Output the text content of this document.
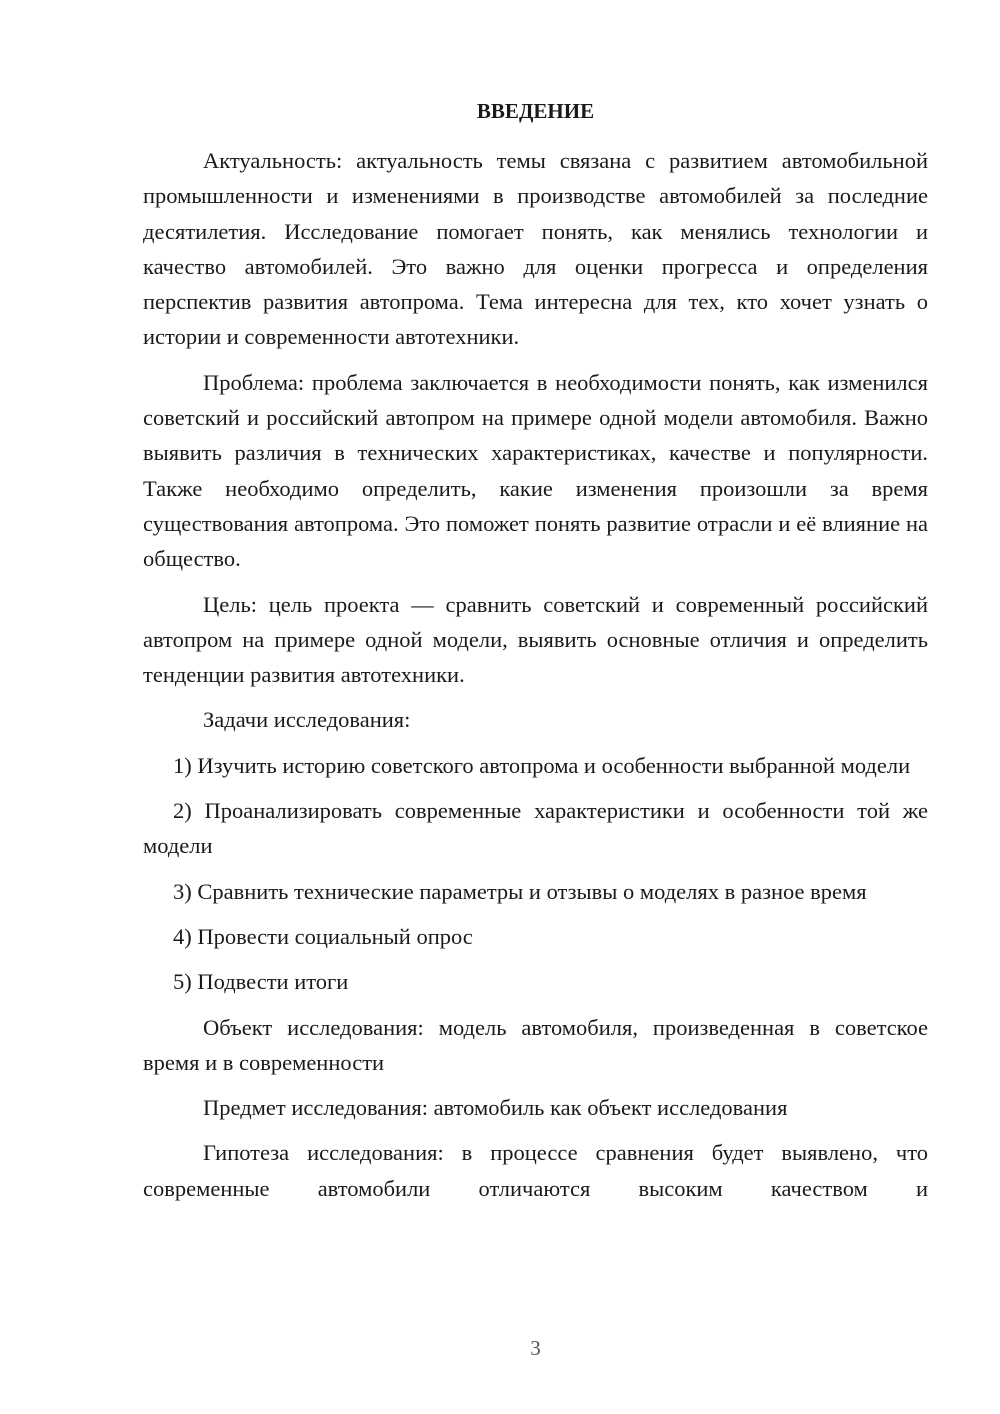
ВВЕДЕНИЕ

Актуальность: актуальность темы связана с развитием автомобильной промышленности и изменениями в производстве автомобилей за последние десятилетия. Исследование помогает понять, как менялись технологии и качество автомобилей. Это важно для оценки прогресса и определения перспектив развития автопрома. Тема интересна для тех, кто хочет узнать о истории и современности автотехники.

Проблема: проблема заключается в необходимости понять, как изменился советский и российский автопром на примере одной модели автомобиля. Важно выявить различия в технических характеристиках, качестве и популярности. Также необходимо определить, какие изменения произошли за время существования автопрома. Это поможет понять развитие отрасли и её влияние на общество.

Цель: цель проекта — сравнить советский и современный российский автопром на примере одной модели, выявить основные отличия и определить тенденции развития автотехники.

Задачи исследования:

1) Изучить историю советского автопрома и особенности выбранной модели

2) Проанализировать современные характеристики и особенности той же модели

3) Сравнить технические параметры и отзывы о моделях в разное время

4) Провести социальный опрос

5) Подвести итоги

Объект исследования: модель автомобиля, произведенная в советское время и в современности

Предмет исследования: автомобиль как объект исследования

Гипотеза исследования: в процессе сравнения будет выявлено, что современные автомобили отличаются высоким качеством и

3
